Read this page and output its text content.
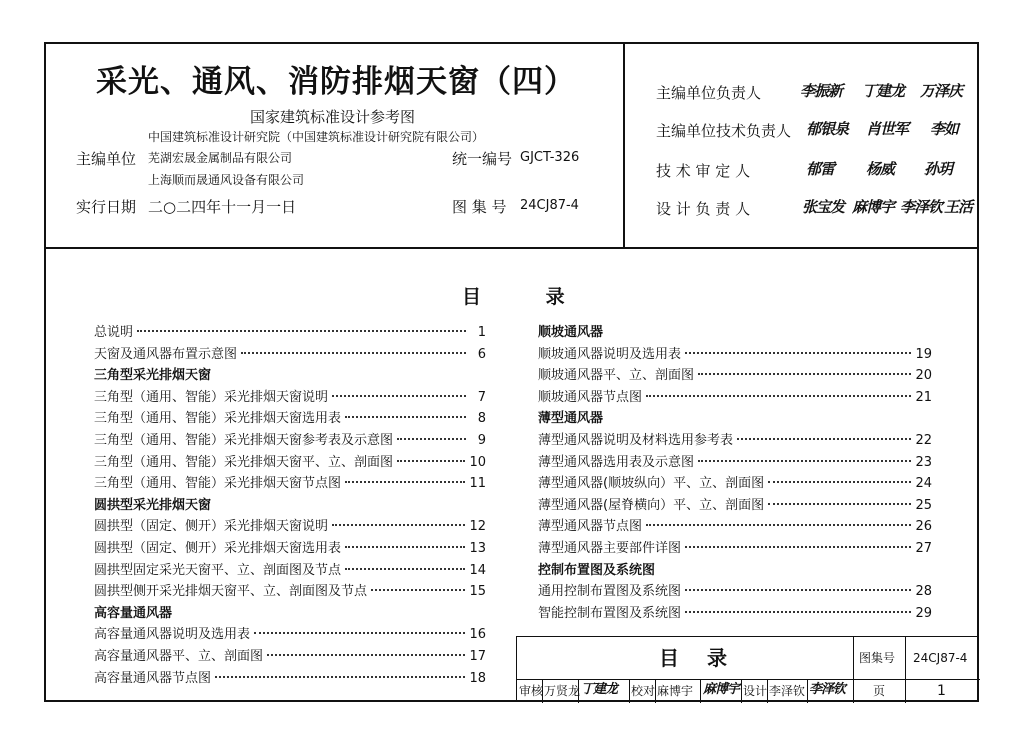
采光、通风、消防排烟天窗（四）
国家建筑标准设计参考图
主编单位
中国建筑标准设计研究院（中国建筑标准设计研究院有限公司）
芜湖宏晟金属制品有限公司
上海顺而晟通风设备有限公司
统一编号 GJCT-326
实行日期 二○二四年十一月一日	图 集 号 24CJ87-4
主编单位负责人	李振新 丁建龙 万泽庆
主编单位技术负责人 郁银泉 肖世军 李如
技 术 审 定 人	郁雷 杨威 孙玥
设 计 负 责 人	张宝发 麻博宇 李泽钦 王活
目	录
总说明	1
天窗及通风器布置示意图	6
三角型采光排烟天窗
三角型（通用、智能）采光排烟天窗说明	7
三角型（通用、智能）采光排烟天窗选用表	8
三角型（通用、智能）采光排烟天窗参考表及示意图	9
三角型（通用、智能）采光排烟天窗平、立、剖面图	10
三角型（通用、智能）采光排烟天窗节点图	11
圆拱型采光排烟天窗
圆拱型（固定、侧开）采光排烟天窗说明	12
圆拱型（固定、侧开）采光排烟天窗选用表	13
圆拱型固定采光天窗平、立、剖面图及节点	14
圆拱型侧开采光排烟天窗平、立、剖面图及节点	15
高容量通风器
高容量通风器说明及选用表	16
高容量通风器平、立、剖面图	17
高容量通风器节点图	18
顺坡通风器
顺坡通风器说明及选用表	19
顺坡通风器平、立、剖面图	20
顺坡通风器节点图	21
薄型通风器
薄型通风器说明及材料选用参考表	22
薄型通风器选用表及示意图	23
薄型通风器(顺坡纵向）平、立、剖面图	24
薄型通风器(屋脊横向）平、立、剖面图	25
薄型通风器节点图	26
薄型通风器主要部件详图	27
控制布置图及系统图
通用控制布置图及系统图	28
智能控制布置图及系统图	29
目 录	图集号 24CJ87-4
审核 万贤龙 丁建龙 校对 麻博宇 麻博宇 设计 李泽钦 李泽钦 页	1
